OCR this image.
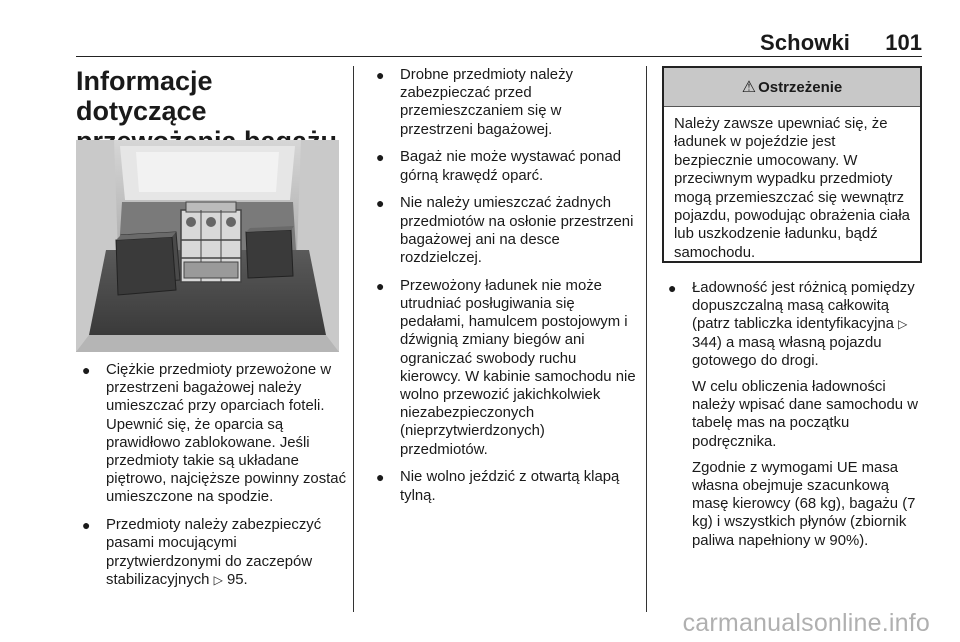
Schowki 101
Informacje dotyczące
● Ciężkie przedmioty przewożone w przestrzeni bagażowej należy umieszczać przy oparciach foteli. Upewnić się, że oparcia są prawidłowo zablokowane. Jeśli przedmioty takie są układane piętrowo, najcięższe powinny zostać umieszczone na spodzie.
● Przedmioty należy zabezpieczyć pasami mocującymi przytwierdzonymi do zaczepów stabilizacyjnych ▷ 95.
● Drobne przedmioty należy zabezpieczać przed przemieszczaniem się w przestrzeni bagażowej.
● Bagaż nie może wystawać ponad górną krawędź oparć.
● Nie należy umieszczać żadnych przedmiotów na osłonie przestrzeni bagażowej ani na desce rozdzielczej.
● Przewożony ładunek nie może utrudniać posługiwania się pedałami, hamulcem postojowym i dźwignią zmiany biegów ani ograniczać swobody ruchu kierowcy. W kabinie samochodu nie wolno przewozić jakichkolwiek niezabezpieczonych (nieprzytwierdzonych) przedmiotów.
● Nie wolno jeździć z otwartą klapą tylną.
⚠ Ostrzeżenie
Należy zawsze upewniać się, że ładunek w pojeździe jest bezpiecznie umocowany. W przeciwnym wypadku przedmioty mogą przemieszczać się wewnątrz pojazdu, powodując obrażenia ciała lub uszkodzenie ładunku, bądź samochodu.
● Ładowność jest różnicą pomiędzy dopuszczalną masą całkowitą (patrz tabliczka identyfikacyjna ▷ 344) a masą własną pojazdu gotowego do drogi.

W celu obliczenia ładowności należy wpisać dane samochodu w tabelę mas na początku podręcznika.

Zgodnie z wymogami UE masa własna obejmuje szacunkową masę kierowcy (68 kg), bagażu (7 kg) i wszystkich płynów (zbiornik paliwa napełniony w 90%).

carmanualsonline.info
